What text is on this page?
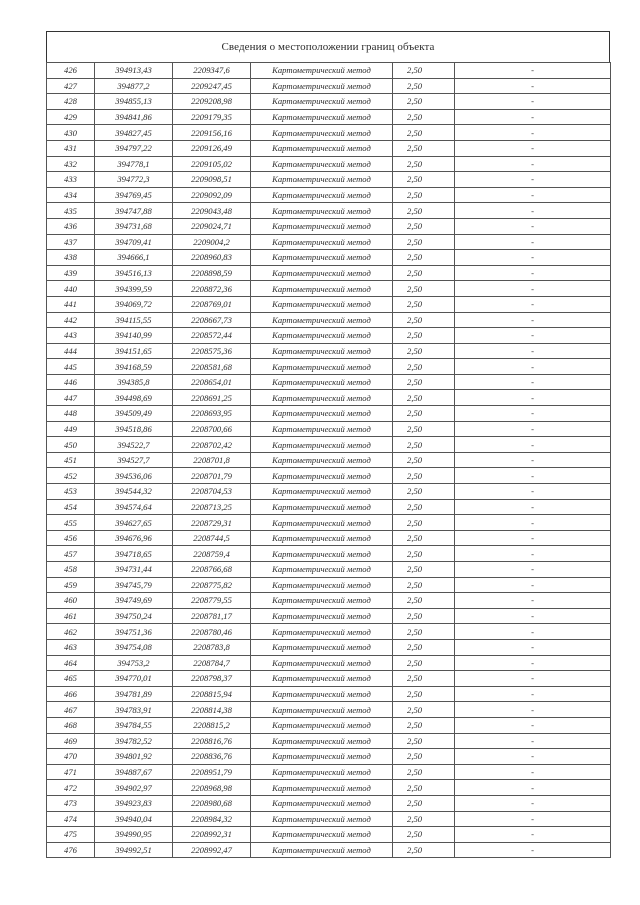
Сведения о местоположении границ объекта
426	394913,43	2209347,6	Картометрический метод	2,50	-
427	394877,2	2209247,45	Картометрический метод	2,50	-
428	394855,13	2209208,98	Картометрический метод	2,50	-
429	394841,86	2209179,35	Картометрический метод	2,50	-
430	394827,45	2209156,16	Картометрический метод	2,50	-
431	394797,22	2209126,49	Картометрический метод	2,50	-
432	394778,1	2209105,02	Картометрический метод	2,50	-
433	394772,3	2209098,51	Картометрический метод	2,50	-
434	394769,45	2209092,09	Картометрический метод	2,50	-
435	394747,88	2209043,48	Картометрический метод	2,50	-
436	394731,68	2209024,71	Картометрический метод	2,50	-
437	394709,41	2209004,2	Картометрический метод	2,50	-
438	394666,1	2208960,83	Картометрический метод	2,50	-
439	394516,13	2208898,59	Картометрический метод	2,50	-
440	394399,59	2208872,36	Картометрический метод	2,50	-
441	394069,72	2208769,01	Картометрический метод	2,50	-
442	394115,55	2208667,73	Картометрический метод	2,50	-
443	394140,99	2208572,44	Картометрический метод	2,50	-
444	394151,65	2208575,36	Картометрический метод	2,50	-
445	394168,59	2208581,68	Картометрический метод	2,50	-
446	394385,8	2208654,01	Картометрический метод	2,50	-
447	394498,69	2208691,25	Картометрический метод	2,50	-
448	394509,49	2208693,95	Картометрический метод	2,50	-
449	394518,86	2208700,66	Картометрический метод	2,50	-
450	394522,7	2208702,42	Картометрический метод	2,50	-
451	394527,7	2208701,8	Картометрический метод	2,50	-
452	394536,06	2208701,79	Картометрический метод	2,50	-
453	394544,32	2208704,53	Картометрический метод	2,50	-
454	394574,64	2208713,25	Картометрический метод	2,50	-
455	394627,65	2208729,31	Картометрический метод	2,50	-
456	394676,96	2208744,5	Картометрический метод	2,50	-
457	394718,65	2208759,4	Картометрический метод	2,50	-
458	394731,44	2208766,68	Картометрический метод	2,50	-
459	394745,79	2208775,82	Картометрический метод	2,50	-
460	394749,69	2208779,55	Картометрический метод	2,50	-
461	394750,24	2208781,17	Картометрический метод	2,50	-
462	394751,36	2208780,46	Картометрический метод	2,50	-
463	394754,08	2208783,8	Картометрический метод	2,50	-
464	394753,2	2208784,7	Картометрический метод	2,50	-
465	394770,01	2208798,37	Картометрический метод	2,50	-
466	394781,89	2208815,94	Картометрический метод	2,50	-
467	394783,91	2208814,38	Картометрический метод	2,50	-
468	394784,55	2208815,2	Картометрический метод	2,50	-
469	394782,52	2208816,76	Картометрический метод	2,50	-
470	394801,92	2208836,76	Картометрический метод	2,50	-
471	394887,67	2208951,79	Картометрический метод	2,50	-
472	394902,97	2208968,98	Картометрический метод	2,50	-
473	394923,83	2208980,68	Картометрический метод	2,50	-
474	394940,04	2208984,32	Картометрический метод	2,50	-
475	394990,95	2208992,31	Картометрический метод	2,50	-
476	394992,51	2208992,47	Картометрический метод	2,50	-
